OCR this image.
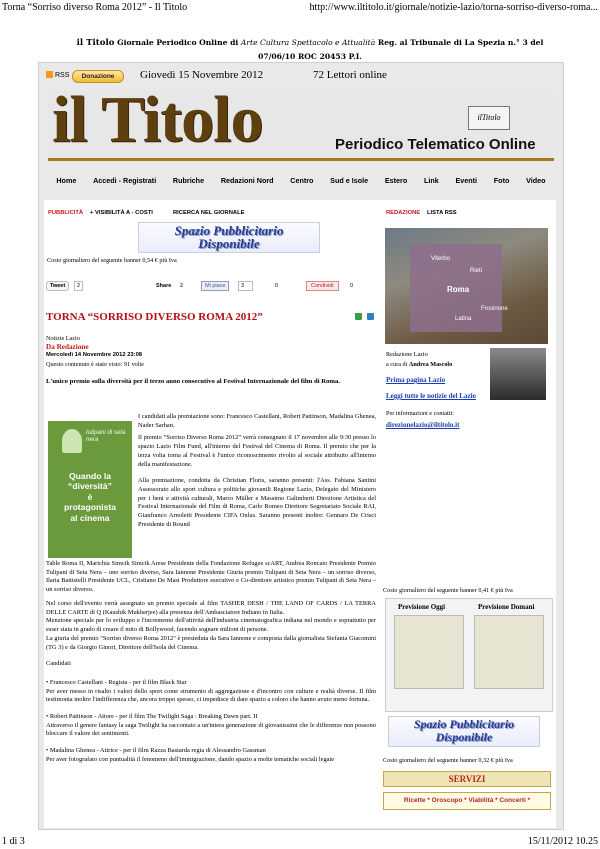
Torna “Sorriso diverso Roma 2012” - Il Titolo	http://www.iltitolo.it/giornale/notizie-lazio/torna-sorriso-diverso-roma...
il Titolo Giornale Periodico Online di Arte Cultura Spettacolo e Attualità Reg. al Tribunale di La Spezia n.° 3 del 07/06/10 ROC 20453 P.I.

RSS	Donazione	Giovedì 15 Novembre 2012	72 Lettori online
il Titolo	ilTitolo
Periodico Telematico Online
Home Accedi - Registrati Rubriche Redazioni Nord Centro Sud e Isole Estero Link Eventi Foto Video
PUBBLICITÀ + VISIBILITÀ A - COSTI	RICERCA NEL GIORNALE	REDAZIONE LISTA RSS
Spazio Pubblicitario
Disponibile
Costo giornaliero del seguente banner 0,54 € più Iva
Tweet	2	Share 2	Mi piace	3	0	Condividi	0
TORNA “SORRISO DIVERSO ROMA 2012”
Notizie Lazio
Da Redazione
Mercoledì 14 Novembre 2012 23:08
Questo contenuto è stato visto: 91 volte
L'unico premio sulla diversità per il terzo anno consecutivo al Festival Internazionale del film di Roma.
tulipani di seta nera
Quando la
“diversità”
è
protagonista
al cinema

I candidati alla premiazione sono: Francesco Castellani, Robert Pattinson, Madalina Ghenea, Nader Sarhan.

Il premio “Sorriso Diverso Roma 2012” verrà consegnato il 17 novembre alle 9:30 presso lo spazio Lazio Film Fund, all'interno del Festival del Cinema di Roma. Il premio che per la terza volta torna al Festival è l'unico riconoscimento rivolto al sociale attribuito all'interno della manifestazione.

Alla premiazione, condotta da Christian Floris, saranno presenti: l'Ass. Fabiana Santini Assessorato allo sport cultura e politiche giovanili Regione Lazio, Delegato del Ministero per i beni e attività culturali, Marco Müller e Massimo Galimberti Direzione Artistica del Festival Internazionale del Film di Roma, Carlo Romeo Direttore Segretariato Sociale RAI, Gianfranco Arnoletti Presidente CIFA Onlus. Saranno presenti inoltre: Gennaro De Crisci Presidente di Round

Table Roma II, Marichia Simcik Simcik Arese Presidente della Fondazione Refugee scART, Andrea Roncato Presidente Premio Tulipani di Seta Nera – uno sorriso diverso, Sara Iannone Presidente Giuria premio Tulipani di Seta Nera – un sorriso diverso, Ilaria Battistelli Presidente UCL, Cristiano De Masi Produttore esecutivo e Co-direttore artistico premio Tulipani di Seta Nera – un sorriso diverso.
Nel corso dell'evento verrà assegnato un premio speciale al film TASHER DESH / THE LAND OF CARDS / LA TERRA DELLE CARTE di Q (Kaushik Mukherjee) alla presenza dell'Ambasciatore Indiano in Italia.
Menzione speciale per lo sviluppo e l'incremento dell'attività dell'industria cinematografica indiana nel mondo e soprattutto per esser stata in grado di creare il mito di Bollywood, facendo sognare milioni di persone.
La giuria del premio "Sorriso diverso Roma 2012" è presieduta da Sara Iannone e composta dalla giornalista Stefania Giacomini (TG 3) e da Giorgio Ginori, Direttore dell'Isola del Cinema.
Candidati
• Francesco Castellani - Regista - per il film Black Star
Per aver messo in risalto i valori dello sport come strumento di aggregazione e d'incontro con culture e realtà diverse. Il film testimonia inoltre l'indifferenza che, ancora troppo spesso, ci impedisce di dare spazio a coloro che hanno avuto meno fortuna.
• Robert Pattinson - Attore - per il film The Twilight Saga : Breaking Dawn part. II
Attraverso il genere fantasy la saga Twilight ha raccontato a un'intera generazione di giovanissimi che le differenze non possono bloccare il valore dei sentimenti.
• Madalina Ghenea - Attrice - per il film Razza Bastarda regia di Alessandro Gassman
Per aver fotografato con puntualità il fenomeno dell'immigrazione, dando spazio a molte tematiche sociali legate
Viterbo
Rieti
Roma
Frosinone
Latina
Redazione Lazio
a cura di Andrea Mascolo
Prima pagina Lazio
Leggi tutte le notizie del Lazio
Per informazioni e contatti:
direzionelazio@iltitolo.it
Costo giornaliero del seguente banner 0,41 € più Iva
Previsione Oggi	Previsione Domani
Spazio Pubblicitario
Disponibile
Costo giornaliero del seguente banner 0,32 € più Iva
SERVIZI
Ricette * Oroscopo * Viabilità * Concerti *
1 di 3	15/11/2012 10.25
